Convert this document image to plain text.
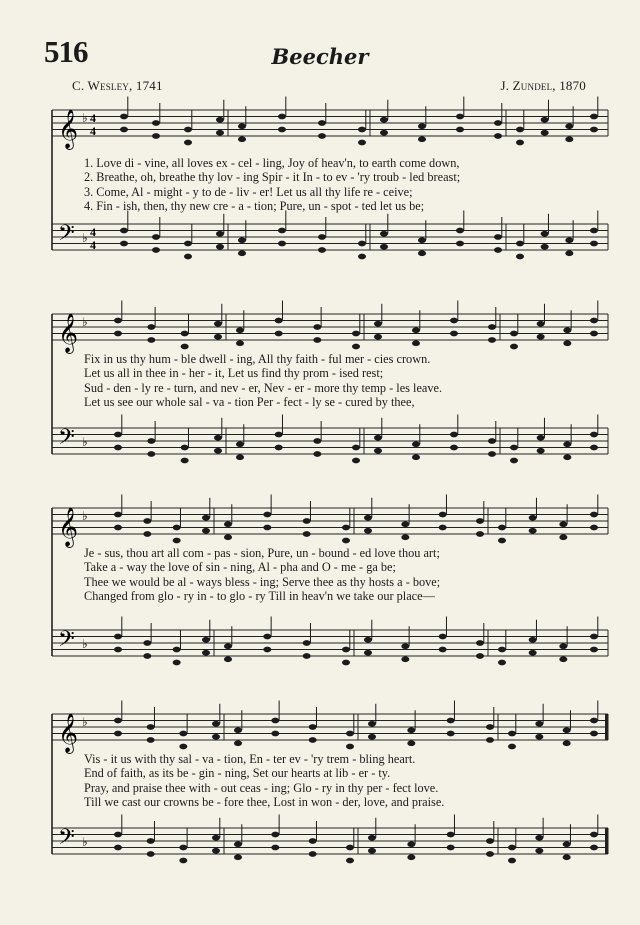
516	Beecher
C. Wesley, 1741	J. Zundel, 1870
𝄞 ♭ 4
4
𝄢 ♭ 4
4
1. Love di - vine, all loves ex - cel - ling, Joy of heav'n, to earth come down,
2. Breathe, oh, breathe thy lov - ing Spir - it In - to ev - 'ry troub - led breast;
3. Come, Al - might - y to de - liv - er! Let us all thy life re - ceive;
4. Fin - ish, then, thy new cre - a - tion; Pure, un - spot - ted let us be;
𝄞 ♭
𝄢 ♭
Fix in us thy hum - ble dwell - ing, All thy faith - ful mer - cies crown.
Let us all in thee in - her - it, Let us find thy prom - ised rest;
Sud - den - ly re - turn, and nev - er, Nev - er - more thy temp - les leave.
Let us see our whole sal - va - tion Per - fect - ly se - cured by thee,
𝄞 ♭
𝄢 ♭
Je - sus, thou art all com - pas - sion, Pure, un - bound - ed love thou art;
Take a - way the love of sin - ning, Al - pha and O - me - ga be;
Thee we would be al - ways bless - ing; Serve thee as thy hosts a - bove;
Changed from glo - ry in - to glo - ry Till in heav'n we take our place—
𝄞 ♭
𝄢 ♭
Vis - it us with thy sal - va - tion, En - ter ev - 'ry trem - bling heart.
End of faith, as its be - gin - ning, Set our hearts at lib - er - ty.
Pray, and praise thee with - out ceas - ing; Glo - ry in thy per - fect love.
Till we cast our crowns be - fore thee, Lost in won - der, love, and praise.
